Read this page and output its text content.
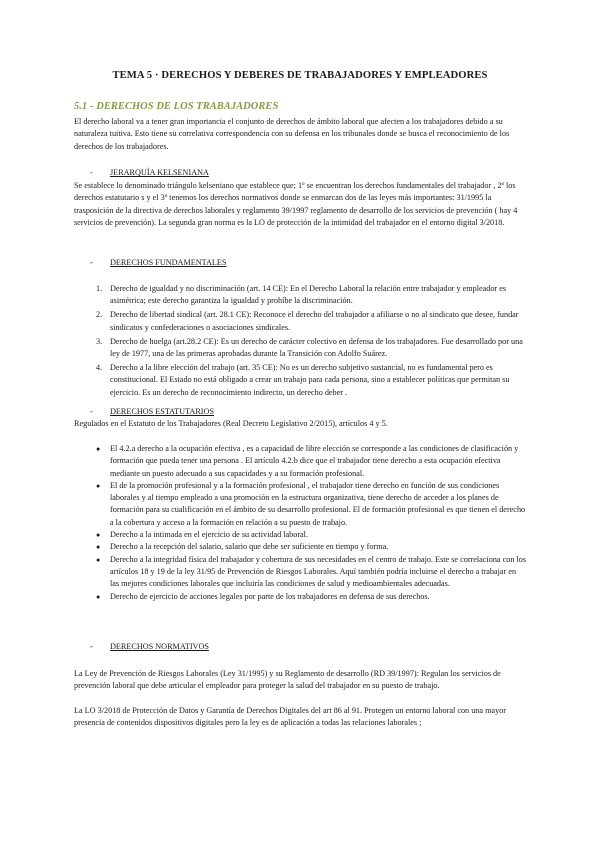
TEMA 5 · DERECHOS Y DEBERES DE TRABAJADORES Y EMPLEADORES
5.1 - DERECHOS DE LOS TRABAJADORES

El derecho laboral va a tener gran importancia el conjunto de derechos de ámbito laboral que afecten a los trabajadores debido a su naturaleza tuitiva. Esto tiene su correlativa correspondencia con su defensa en los tribunales donde se busca el reconocimiento de los derechos de los trabajadores.

- JERARQUÍA KELSENIANA

Se establece lo denominado triángulo kelseniano que establece que; 1º se encuentran los derechos fundamentales del trabajador , 2º los derechos estatutario s y el 3º tenemos los derechos normativos donde se enmarcan dos de las leyes más importantes: 31/1995 la trasposición de la directiva de derechos laborales y reglamento 39/1997 reglamento de desarrollo de los servicios de prevención ( hay 4 servicios de prevención). La segunda gran norma es la LO de protección de la intimidad del trabajador en el entorno digital 3/2018.

- DERECHOS FUNDAMENTALES
1. Derecho de igualdad y no discriminación (art. 14 CE): En el Derecho Laboral la relación entre trabajador y empleador es asimétrica; este derecho garantiza la igualdad y prohíbe la discriminación.
2. Derecho de libertad sindical (art. 28.1 CE): Reconoce el derecho del trabajador a afiliarse o no al sindicato que desee, fundar sindicatos y confederaciones o asociaciones sindicales.
3. Derecho de huelga (art.28.2 CE): Es un derecho de carácter colectivo en defensa de los trabajadores. Fue desarrollado por una ley de 1977, una de las primeras aprobadas durante la Transición con Adolfo Suárez.
4. Derecho a la libre elección del trabajo (art. 35 CE): No es un derecho subjetivo sustancial, no es fundamental pero es constitucional. El Estado no está obligado a crear un trabajo para cada persona, sino a establecer políticas que permitan su ejercicio. Es un derecho de reconocimiento indirecto, un derecho deber .
- DERECHOS ESTATUTARIOS

Regulados en el Estatuto de los Trabajadores (Real Decreto Legislativo 2/2015), artículos 4 y 5.

● El 4.2.a derecho a la ocupación efectiva , es a capacidad de libre elección se corresponde a las condiciones de clasificación y formación que pueda tener una persona . El artículo 4.2.b dice que el trabajador tiene derecho a esta ocupación efectiva mediante un puesto adecuado a sus capacidades y a su formación profesional.
● El de la promoción profesional y a la formación profesional , el trabajador tiene derecho en función de sus condiciones laborales y al tiempo empleado a una promoción en la estructura organizativa, tiene derecho de acceder a los planes de formación para su cualificación en el ámbito de su desarrollo profesional. El de formación profesional es que tienen el derecho a la cobertura y acceso a la formación en relación a su puesto de trabajo.
● Derecho a la intimada en el ejercicio de su actividad laboral.
● Derecho a la recepción del salario, salario que debe ser suficiente en tiempo y forma.
● Derecho a la integridad física del trabajador y cobertura de sus necesidades en el centro de trabajo. Este se correlaciona con los artículos 18 y 19 de la ley 31/95 de Prevención de Riesgos Laborales. Aquí también podría incluirse el derecho a trabajar en las mejores condiciones laborales que incluiría las condiciones de salud y medioambientales adecuadas.
● Derecho de ejercicio de acciones legales por parte de los trabajadores en defensa de sus derechos.
- DERECHOS NORMATIVOS

La Ley de Prevención de Riesgos Laborales (Ley 31/1995) y su Reglamento de desarrollo (RD 39/1997): Regulan los servicios de prevención laboral que debe articular el empleador para proteger la salud del trabajador en su puesto de trabajo.

La LO 3/2018 de Protección de Datos y Garantía de Derechos Digitales del art 86 al 91. Protegen un entorno laboral con una mayor presencia de contenidos dispositivos digitales pero la ley es de aplicación a todas las relaciones laborales ;
